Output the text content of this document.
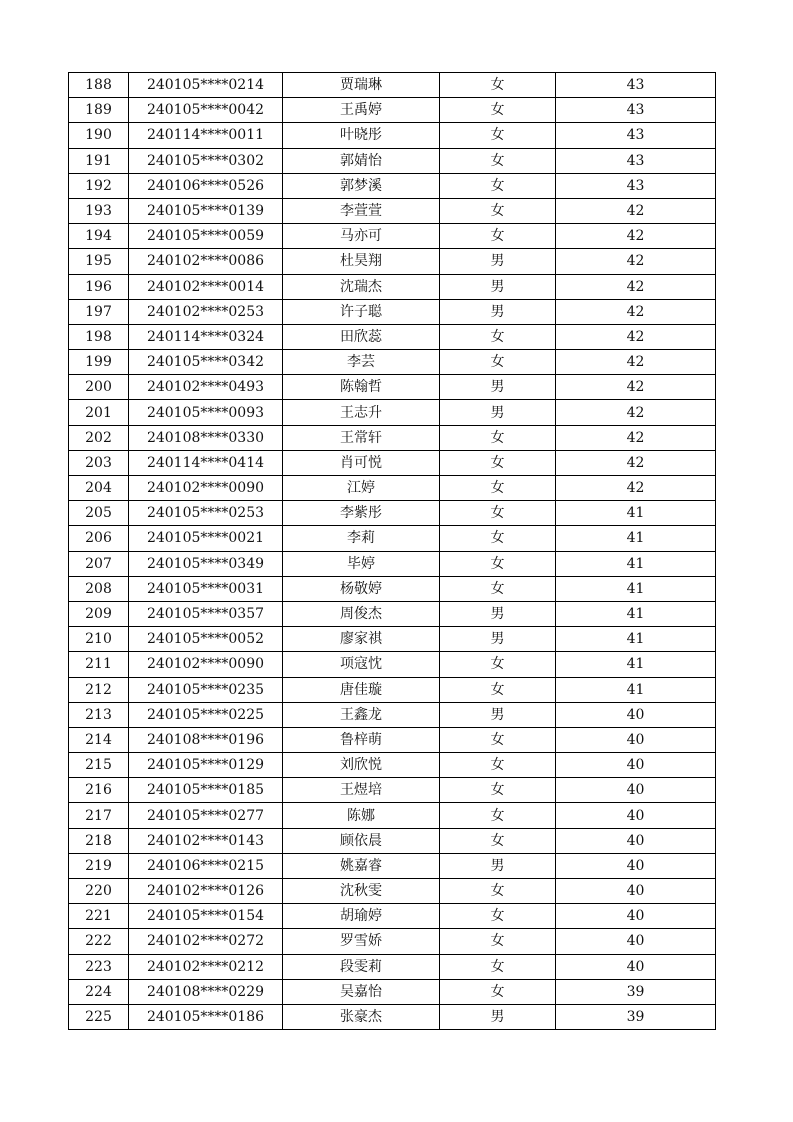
188	240105****0214	贾瑞琳	女	43
189	240105****0042	王禹婷	女	43
190	240114****0011	叶晓彤	女	43
191	240105****0302	郭婧怡	女	43
192	240106****0526	郭梦溪	女	43
193	240105****0139	李萱萱	女	42
194	240105****0059	马亦可	女	42
195	240102****0086	杜昊翔	男	42
196	240102****0014	沈瑞杰	男	42
197	240102****0253	许子聪	男	42
198	240114****0324	田欣蕊	女	42
199	240105****0342	李芸	女	42
200	240102****0493	陈翰哲	男	42
201	240105****0093	王志升	男	42
202	240108****0330	王常轩	女	42
203	240114****0414	肖可悦	女	42
204	240102****0090	江婷	女	42
205	240105****0253	李紫彤	女	41
206	240105****0021	李莉	女	41
207	240105****0349	毕婷	女	41
208	240105****0031	杨敬婷	女	41
209	240105****0357	周俊杰	男	41
210	240105****0052	廖家祺	男	41
211	240102****0090	项寇忱	女	41
212	240105****0235	唐佳璇	女	41
213	240105****0225	王鑫龙	男	40
214	240108****0196	鲁梓萌	女	40
215	240105****0129	刘欣悦	女	40
216	240105****0185	王煜培	女	40
217	240105****0277	陈娜	女	40
218	240102****0143	顾依晨	女	40
219	240106****0215	姚嘉睿	男	40
220	240102****0126	沈秋雯	女	40
221	240105****0154	胡瑜婷	女	40
222	240102****0272	罗雪娇	女	40
223	240102****0212	段雯莉	女	40
224	240108****0229	吴嘉怡	女	39
225	240105****0186	张豪杰	男	39
